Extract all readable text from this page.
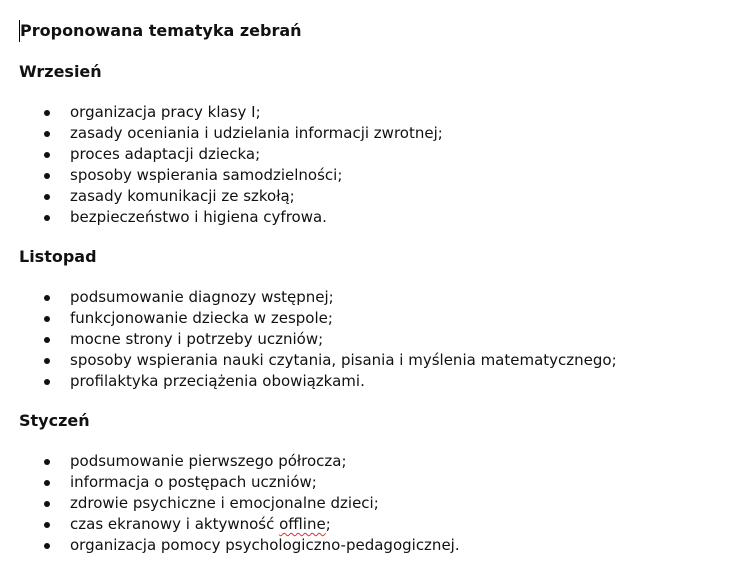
Proponowana tematyka zebrań
Wrzesień
organizacja pracy klasy I;
zasady oceniania i udzielania informacji zwrotnej;
proces adaptacji dziecka;
sposoby wspierania samodzielności;
zasady komunikacji ze szkołą;
bezpieczeństwo i higiena cyfrowa.
Listopad
podsumowanie diagnozy wstępnej;
funkcjonowanie dziecka w zespole;
mocne strony i potrzeby uczniów;
sposoby wspierania nauki czytania, pisania i myślenia matematycznego;
profilaktyka przeciążenia obowiązkami.
Styczeń
podsumowanie pierwszego półrocza;
informacja o postępach uczniów;
zdrowie psychiczne i emocjonalne dzieci;
czas ekranowy i aktywność offline;
organizacja pomocy psychologiczno-pedagogicznej.
